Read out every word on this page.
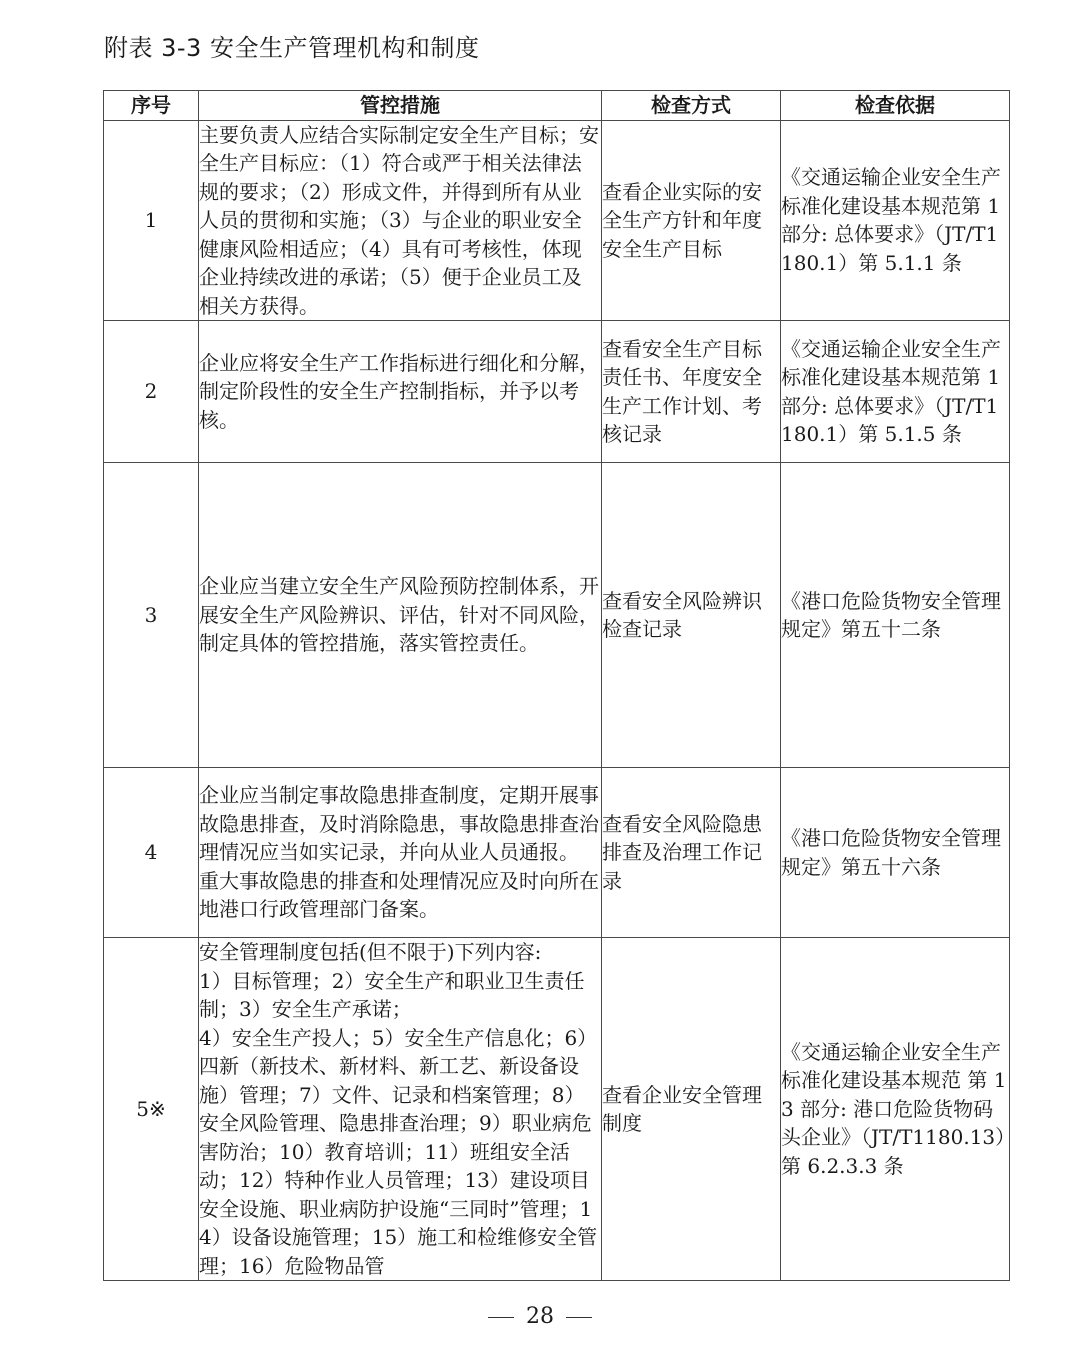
附表 3-3 安全生产管理机构和制度
序号	管控措施	检查方式	检查依据
1	主要负责人应结合实际制定安全生产目标；安全生产目标应：（1）符合或严于相关法律法规的要求；（2）形成文件，并得到所有从业人员的贯彻和实施；（3）与企业的职业安全健康风险相适应；（4）具有可考核性，体现企业持续改进的承诺；（5）便于企业员工及相关方获得。	查看企业实际的安全生产方针和年度安全生产目标	《交通运输企业安全生产标准化建设基本规范第 1 部分: 总体要求》（JT/T1180.1）第 5.1.1 条

2	企业应将安全生产工作指标进行细化和分解，制定阶段性的安全生产控制指标，并予以考核。	查看安全生产目标责任书、年度安全生产工作计划、考核记录	《交通运输企业安全生产标准化建设基本规范第 1 部分: 总体要求》（JT/T1180.1）第 5.1.5 条

3	企业应当建立安全生产风险预防控制体系，开展安全生产风险辨识、评估，针对不同风险，制定具体的管控措施，落实管控责任。	查看安全风险辨识检查记录	《港口危险货物安全管理规定》第五十二条

4	企业应当制定事故隐患排查制度，定期开展事故隐患排查，及时消除隐患，事故隐患排查治理情况应当如实记录，并向从业人员通报。
重大事故隐患的排查和处理情况应及时向所在地港口行政管理部门备案。	查看安全风险隐患排查及治理工作记录	《港口危险货物安全管理规定》第五十六条

5※	安全管理制度包括(但不限于)下列内容:
1）目标管理；2）安全生产和职业卫生责任制；3）安全生产承诺；
4）安全生产投人；5）安全生产信息化；6）四新（新技术、新材料、新工艺、新设备设施）管理；7）文件、记录和档案管理；8）安全风险管理、隐患排查治理；9）职业病危害防治；10）教育培训；11）班组安全活动；12）特种作业人员管理；13）建设项目安全设施、职业病防护设施“三同时”管理；14）设备设施管理；15）施工和检维修安全管理；16）危险物品管	查看企业安全管理制度	《交通运输企业安全生产标准化建设基本规范 第 13 部分: 港口危险货物码头企业》（JT/T1180.13）第 6.2.3.3 条
28
